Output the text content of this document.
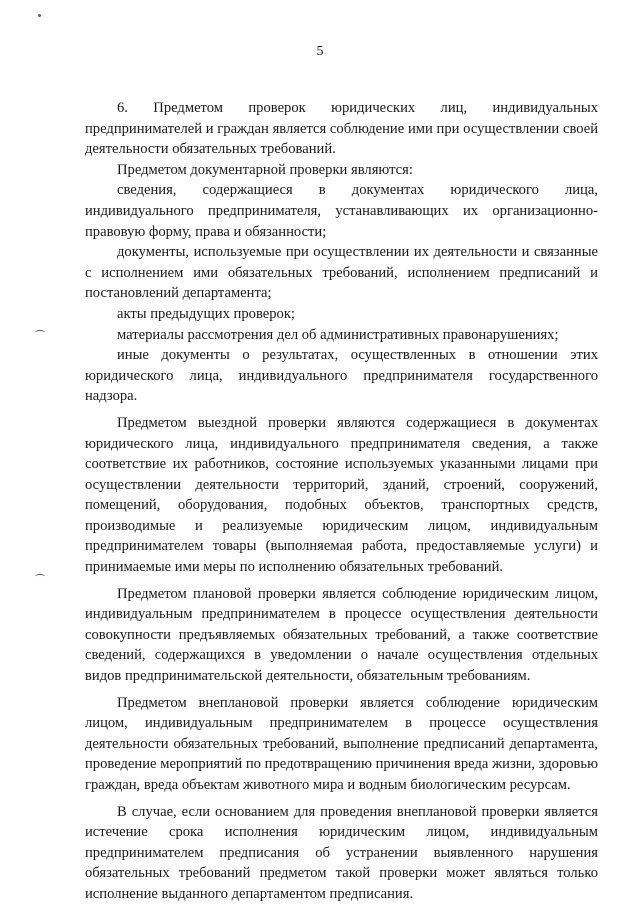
5

6. Предметом проверок юридических лиц, индивидуальных предпринимателей и граждан является соблюдение ими при осуществлении своей деятельности обязательных требований.

Предметом документарной проверки являются:

сведения, содержащиеся в документах юридического лица, индивидуального предпринимателя, устанавливающих их организационно-правовую форму, права и обязанности;

документы, используемые при осуществлении их деятельности и связанные с исполнением ими обязательных требований, исполнением предписаний и постановлений департамента;

акты предыдущих проверок;

материалы рассмотрения дел об административных правонарушениях;

иные документы о результатах, осуществленных в отношении этих юридического лица, индивидуального предпринимателя государственного надзора.

Предметом выездной проверки являются содержащиеся в документах юридического лица, индивидуального предпринимателя сведения, а также соответствие их работников, состояние используемых указанными лицами при осуществлении деятельности территорий, зданий, строений, сооружений, помещений, оборудования, подобных объектов, транспортных средств, производимые и реализуемые юридическим лицом, индивидуальным предпринимателем товары (выполняемая работа, предоставляемые услуги) и принимаемые ими меры по исполнению обязательных требований.

Предметом плановой проверки является соблюдение юридическим лицом, индивидуальным предпринимателем в процессе осуществления деятельности совокупности предъявляемых обязательных требований, а также соответствие сведений, содержащихся в уведомлении о начале осуществления отдельных видов предпринимательской деятельности, обязательным требованиям.

Предметом внеплановой проверки является соблюдение юридическим лицом, индивидуальным предпринимателем в процессе осуществления деятельности обязательных требований, выполнение предписаний департамента, проведение мероприятий по предотвращению причинения вреда жизни, здоровью граждан, вреда объектам животного мира и водным биологическим ресурсам.

В случае, если основанием для проведения внеплановой проверки является истечение срока исполнения юридическим лицом, индивидуальным предпринимателем предписания об устранении выявленного нарушения обязательных требований предметом такой проверки может являться только исполнение выданного департаментом предписания.
